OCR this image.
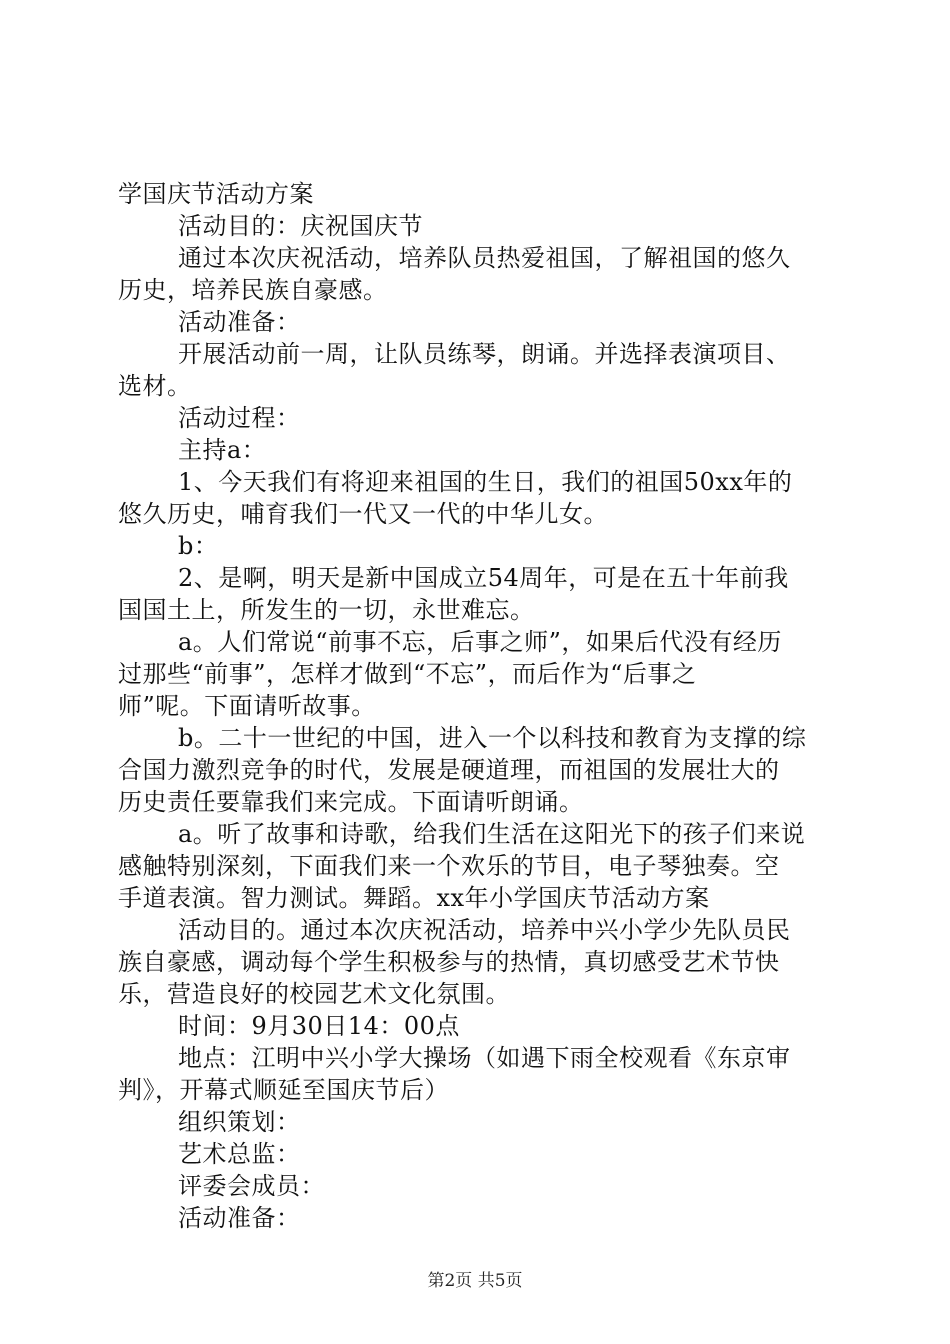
学国庆节活动方案
活动目的：庆祝国庆节
通过本次庆祝活动，培养队员热爱祖国，了解祖国的悠久
历史，培养民族自豪感。
活动准备：
开展活动前一周，让队员练琴，朗诵。并选择表演项目、
选材。
活动过程：
主持a：
1、今天我们有将迎来祖国的生日，我们的祖国50xx年的
悠久历史，哺育我们一代又一代的中华儿女。
b：
2、是啊，明天是新中国成立54周年，可是在五十年前我
国国土上，所发生的一切，永世难忘。
a。人们常说“前事不忘，后事之师”，如果后代没有经历
过那些“前事”，怎样才做到“不忘”，而后作为“后事之
师”呢。下面请听故事。
b。二十一世纪的中国，进入一个以科技和教育为支撑的综
合国力激烈竞争的时代，发展是硬道理，而祖国的发展壮大的
历史责任要靠我们来完成。下面请听朗诵。
a。听了故事和诗歌，给我们生活在这阳光下的孩子们来说
感触特别深刻，下面我们来一个欢乐的节目，电子琴独奏。空
手道表演。智力测试。舞蹈。xx年小学国庆节活动方案
活动目的。通过本次庆祝活动，培养中兴小学少先队员民
族自豪感，调动每个学生积极参与的热情，真切感受艺术节快
乐，营造良好的校园艺术文化氛围。
时间：9月30日14：00点
地点：江明中兴小学大操场（如遇下雨全校观看《东京审
判》，开幕式顺延至国庆节后）
组织策划：
艺术总监：
评委会成员：
活动准备：
第2页 共5页
